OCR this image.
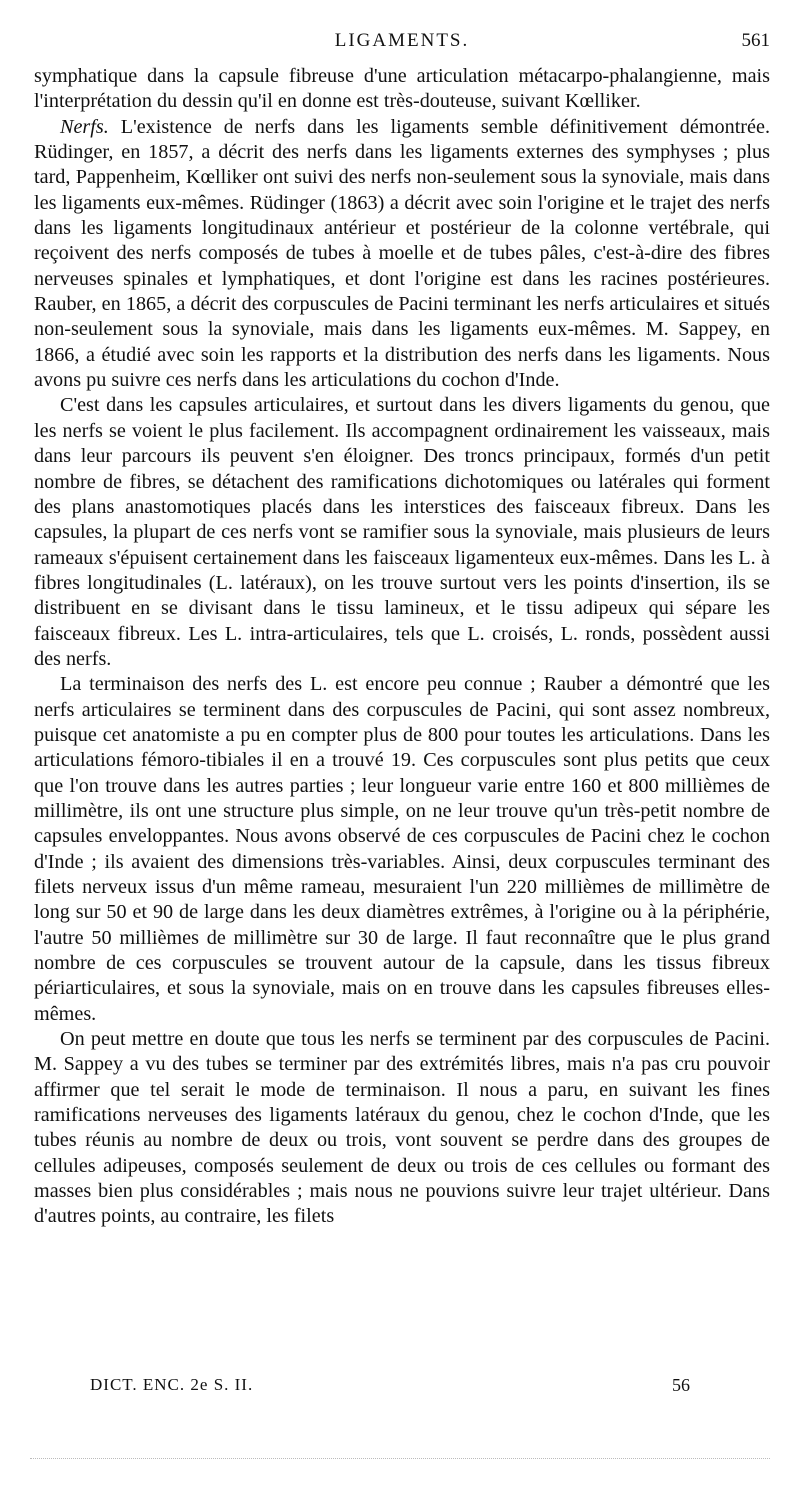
LIGAMENTS.	561

symphatique dans la capsule fibreuse d'une articulation métacarpo-phalangienne, mais l'interprétation du dessin qu'il en donne est très-douteuse, suivant Kœlliker.

Nerfs. L'existence de nerfs dans les ligaments semble définitivement démontrée. Rüdinger, en 1857, a décrit des nerfs dans les ligaments externes des symphyses ; plus tard, Pappenheim, Kœlliker ont suivi des nerfs non-seulement sous la synoviale, mais dans les ligaments eux-mêmes. Rüdinger (1863) a décrit avec soin l'origine et le trajet des nerfs dans les ligaments longitudinaux antérieur et postérieur de la colonne vertébrale, qui reçoivent des nerfs composés de tubes à moelle et de tubes pâles, c'est-à-dire des fibres nerveuses spinales et lymphatiques, et dont l'origine est dans les racines postérieures. Rauber, en 1865, a décrit des corpuscules de Pacini terminant les nerfs articulaires et situés non-seulement sous la synoviale, mais dans les ligaments eux-mêmes. M. Sappey, en 1866, a étudié avec soin les rapports et la distribution des nerfs dans les ligaments. Nous avons pu suivre ces nerfs dans les articulations du cochon d'Inde.

C'est dans les capsules articulaires, et surtout dans les divers ligaments du genou, que les nerfs se voient le plus facilement. Ils accompagnent ordinairement les vaisseaux, mais dans leur parcours ils peuvent s'en éloigner. Des troncs principaux, formés d'un petit nombre de fibres, se détachent des ramifications dichotomiques ou latérales qui forment des plans anastomotiques placés dans les interstices des faisceaux fibreux. Dans les capsules, la plupart de ces nerfs vont se ramifier sous la synoviale, mais plusieurs de leurs rameaux s'épuisent certainement dans les faisceaux ligamenteux eux-mêmes. Dans les L. à fibres longitudinales (L. latéraux), on les trouve surtout vers les points d'insertion, ils se distribuent en se divisant dans le tissu lamineux, et le tissu adipeux qui sépare les faisceaux fibreux. Les L. intra-articulaires, tels que L. croisés, L. ronds, possèdent aussi des nerfs.

La terminaison des nerfs des L. est encore peu connue ; Rauber a démontré que les nerfs articulaires se terminent dans des corpuscules de Pacini, qui sont assez nombreux, puisque cet anatomiste a pu en compter plus de 800 pour toutes les articulations. Dans les articulations fémoro-tibiales il en a trouvé 19. Ces corpuscules sont plus petits que ceux que l'on trouve dans les autres parties ; leur longueur varie entre 160 et 800 millièmes de millimètre, ils ont une structure plus simple, on ne leur trouve qu'un très-petit nombre de capsules enveloppantes. Nous avons observé de ces corpuscules de Pacini chez le cochon d'Inde ; ils avaient des dimensions très-variables. Ainsi, deux corpuscules terminant des filets nerveux issus d'un même rameau, mesuraient l'un 220 millièmes de millimètre de long sur 50 et 90 de large dans les deux diamètres extrêmes, à l'origine ou à la périphérie, l'autre 50 millièmes de millimètre sur 30 de large. Il faut reconnaître que le plus grand nombre de ces corpuscules se trouvent autour de la capsule, dans les tissus fibreux périarticulaires, et sous la synoviale, mais on en trouve dans les capsules fibreuses elles-mêmes.

On peut mettre en doute que tous les nerfs se terminent par des corpuscules de Pacini. M. Sappey a vu des tubes se terminer par des extrémités libres, mais n'a pas cru pouvoir affirmer que tel serait le mode de terminaison. Il nous a paru, en suivant les fines ramifications nerveuses des ligaments latéraux du genou, chez le cochon d'Inde, que les tubes réunis au nombre de deux ou trois, vont souvent se perdre dans des groupes de cellules adipeuses, composés seulement de deux ou trois de ces cellules ou formant des masses bien plus considérables ; mais nous ne pouvions suivre leur trajet ultérieur. Dans d'autres points, au contraire, les filets

DICT. ENC. 2e S. II.	56
